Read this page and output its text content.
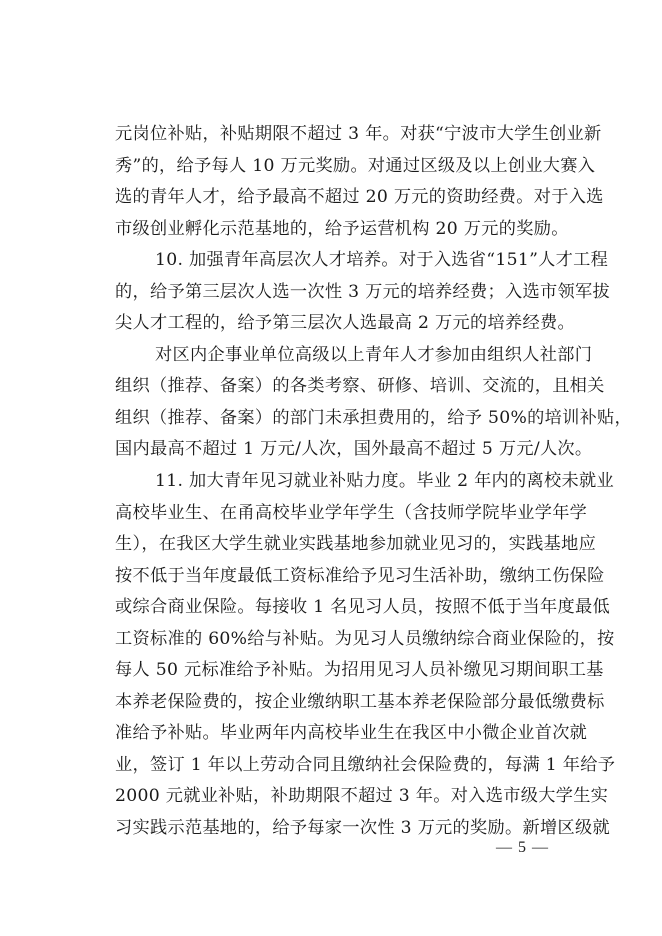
元岗位补贴，补贴期限不超过 3 年。对获“宁波市大学生创业新
秀”的，给予每人 10 万元奖励。对通过区级及以上创业大赛入
选的青年人才，给予最高不超过 20 万元的资助经费。对于入选
市级创业孵化示范基地的，给予运营机构 20 万元的奖励。
10. 加强青年高层次人才培养。对于入选省“151”人才工程
的，给予第三层次人选一次性 3 万元的培养经费；入选市领军拔
尖人才工程的，给予第三层次人选最高 2 万元的培养经费。
对区内企事业单位高级以上青年人才参加由组织人社部门
组织（推荐、备案）的各类考察、研修、培训、交流的，且相关
组织（推荐、备案）的部门未承担费用的，给予 50%的培训补贴，
国内最高不超过 1 万元/人次，国外最高不超过 5 万元/人次。
11. 加大青年见习就业补贴力度。毕业 2 年内的离校未就业
高校毕业生、在甬高校毕业学年学生（含技师学院毕业学年学
生），在我区大学生就业实践基地参加就业见习的，实践基地应
按不低于当年度最低工资标准给予见习生活补助，缴纳工伤保险
或综合商业保险。每接收 1 名见习人员，按照不低于当年度最低
工资标准的 60%给与补贴。为见习人员缴纳综合商业保险的，按
每人 50 元标准给予补贴。为招用见习人员补缴见习期间职工基
本养老保险费的，按企业缴纳职工基本养老保险部分最低缴费标
准给予补贴。毕业两年内高校毕业生在我区中小微企业首次就
业，签订 1 年以上劳动合同且缴纳社会保险费的，每满 1 年给予
2000 元就业补贴，补助期限不超过 3 年。对入选市级大学生实
习实践示范基地的，给予每家一次性 3 万元的奖励。新增区级就
— 5 —
